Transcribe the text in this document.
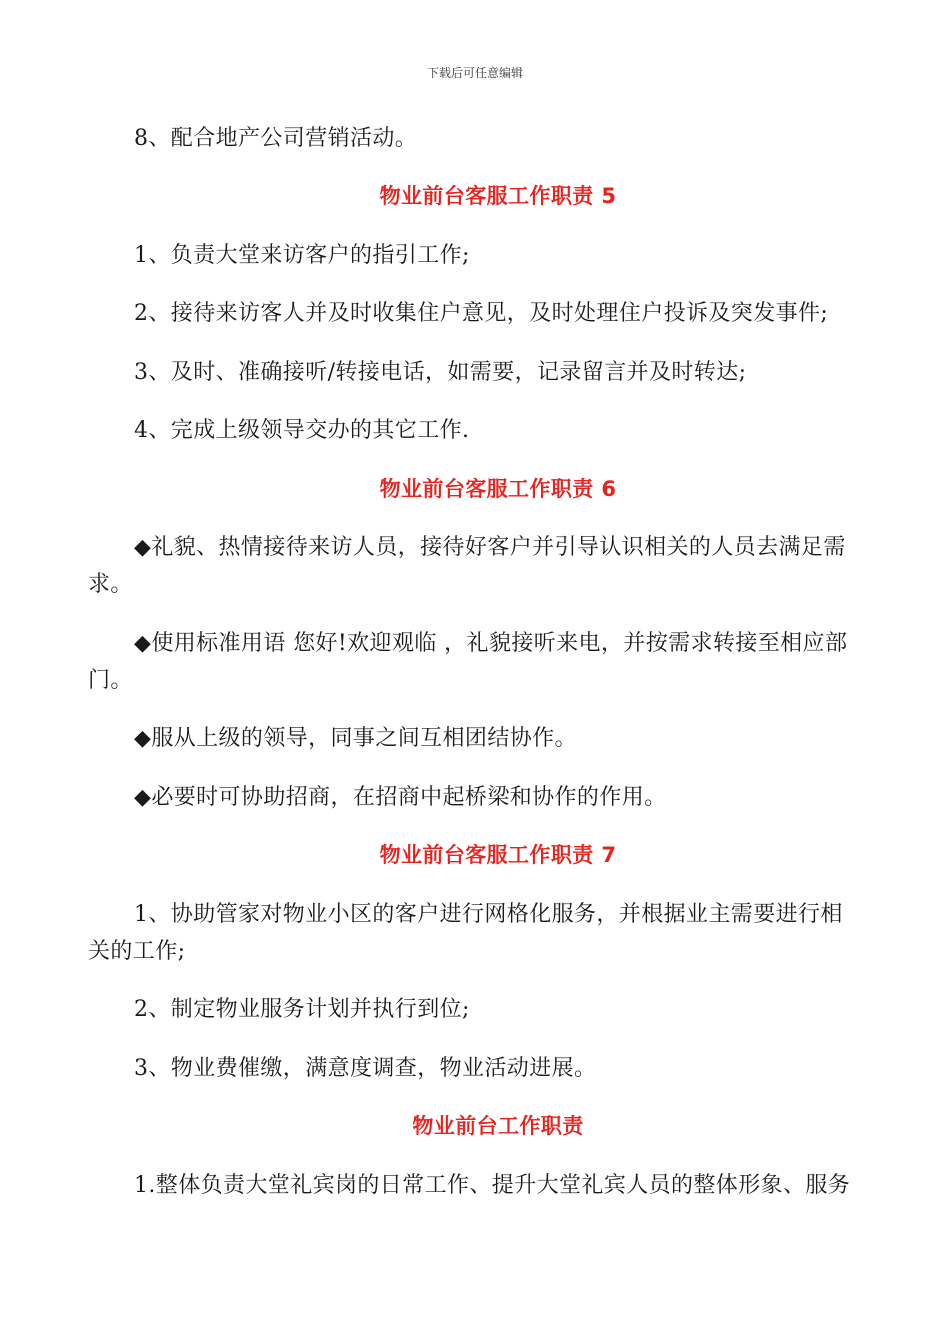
下载后可任意编辑

8、配合地产公司营销活动。

物业前台客服工作职责 5

1、负责大堂来访客户的指引工作;

2、接待来访客人并及时收集住户意见，及时处理住户投诉及突发事件;

3、及时、准确接听/转接电话，如需要，记录留言并及时转达;

4、完成上级领导交办的其它工作.

物业前台客服工作职责 6

◆礼貌、热情接待来访人员，接待好客户并引导认识相关的人员去满足需求。

◆使用标准用语 您好!欢迎观临 ，礼貌接听来电，并按需求转接至相应部门。

◆服从上级的领导，同事之间互相团结协作。

◆必要时可协助招商，在招商中起桥梁和协作的作用。

物业前台客服工作职责 7

1、协助管家对物业小区的客户进行网格化服务，并根据业主需要进行相关的工作;

2、制定物业服务计划并执行到位;

3、物业费催缴，满意度调查，物业活动进展。

物业前台工作职责

1.整体负责大堂礼宾岗的日常工作、提升大堂礼宾人员的整体形象、服务
